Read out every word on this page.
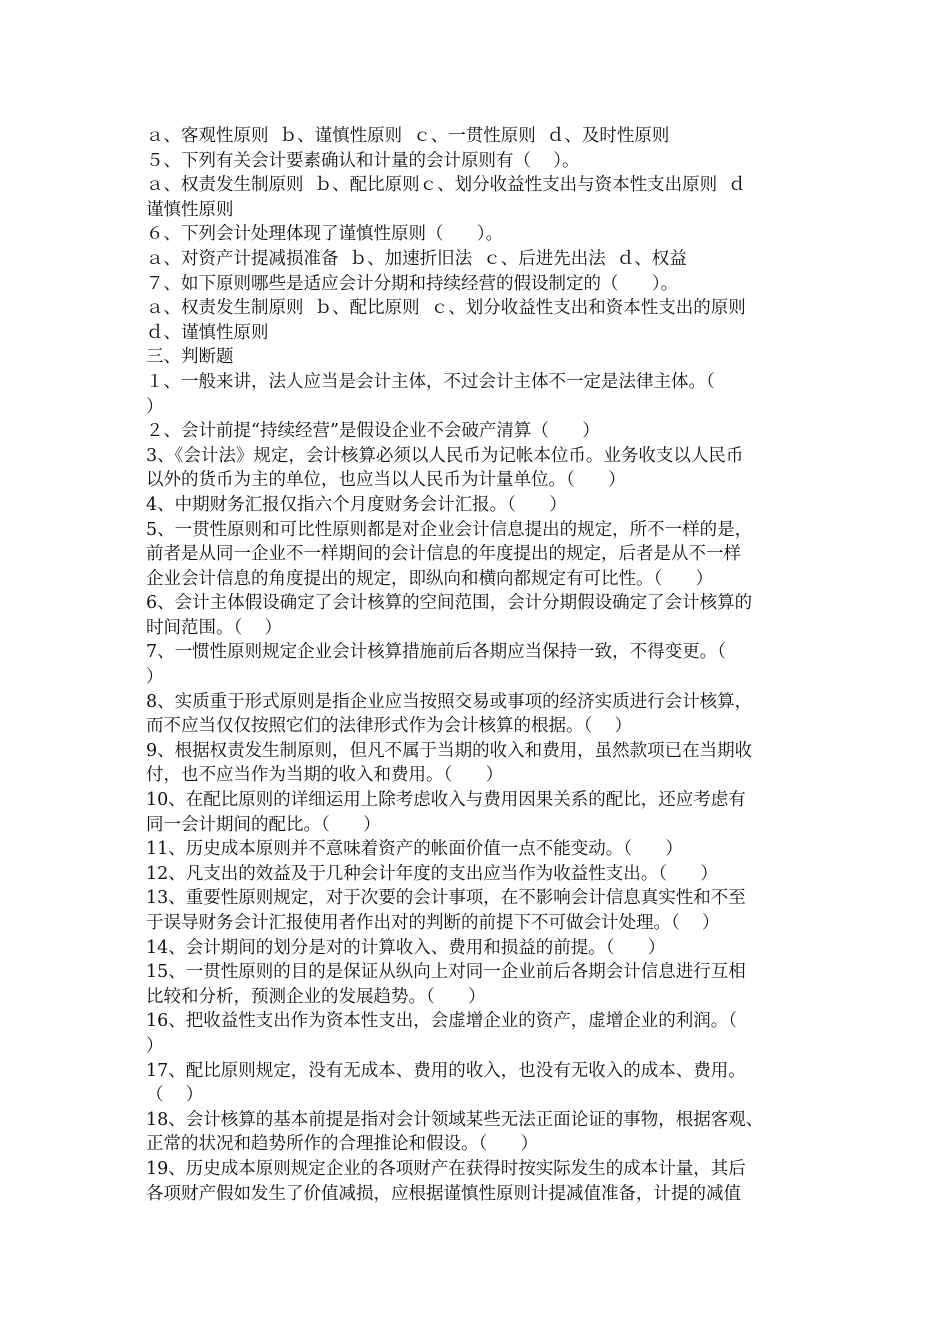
ａ、客观性原则  ｂ、谨慎性原则  ｃ、一贯性原则  ｄ、及时性原则
５、下列有关会计要素确认和计量的会计原则有（    ）。
ａ、权责发生制原则  ｂ、配比原则ｃ、划分收益性支出与资本性支出原则  ｄ
谨慎性原则
６、下列会计处理体现了谨慎性原则（      ）。
ａ、对资产计提减损准备  ｂ、加速折旧法  ｃ、后进先出法  ｄ、权益
７、如下原则哪些是适应会计分期和持续经营的假设制定的（      ）。
ａ、权责发生制原则  ｂ、配比原则  ｃ、划分收益性支出和资本性支出的原则
ｄ、谨慎性原则
三、判断题
１、一般来讲，法人应当是会计主体，不过会计主体不一定是法律主体。（
）
２、会计前提“持续经营”是假设企业不会破产清算（      ）
3、《会计法》规定，会计核算必须以人民币为记帐本位币。业务收支以人民币
以外的货币为主的单位，也应当以人民币为计量单位。（      ）
4、中期财务汇报仅指六个月度财务会计汇报。（      ）
5、一贯性原则和可比性原则都是对企业会计信息提出的规定，所不一样的是，
前者是从同一企业不一样期间的会计信息的年度提出的规定，后者是从不一样
企业会计信息的角度提出的规定，即纵向和横向都规定有可比性。（      ）
6、会计主体假设确定了会计核算的空间范围，会计分期假设确定了会计核算的
时间范围。（    ）
7、一惯性原则规定企业会计核算措施前后各期应当保持一致，不得变更。（
）
8、实质重于形式原则是指企业应当按照交易或事项的经济实质进行会计核算，
而不应当仅仅按照它们的法律形式作为会计核算的根据。（    ）
9、根据权责发生制原则，但凡不属于当期的收入和费用，虽然款项已在当期收
付，也不应当作为当期的收入和费用。（      ）
10、在配比原则的详细运用上除考虑收入与费用因果关系的配比，还应考虑有
同一会计期间的配比。（      ）
11、历史成本原则并不意味着资产的帐面价值一点不能变动。（      ）
12、凡支出的效益及于几种会计年度的支出应当作为收益性支出。（      ）
13、重要性原则规定，对于次要的会计事项，在不影响会计信息真实性和不至
于误导财务会计汇报使用者作出对的判断的前提下不可做会计处理。（    ）
14、会计期间的划分是对的计算收入、费用和损益的前提。（      ）
15、一贯性原则的目的是保证从纵向上对同一企业前后各期会计信息进行互相
比较和分析，预测企业的发展趋势。（      ）
16、把收益性支出作为资本性支出，会虚增企业的资产，虚增企业的利润。（
）
17、配比原则规定，没有无成本、费用的收入，也没有无收入的成本、费用。
（    ）
18、会计核算的基本前提是指对会计领域某些无法正面论证的事物，根据客观、
正常的状况和趋势所作的合理推论和假设。（      ）
19、历史成本原则规定企业的各项财产在获得时按实际发生的成本计量，其后
各项财产假如发生了价值减损，应根据谨慎性原则计提减值准备，计提的减值
